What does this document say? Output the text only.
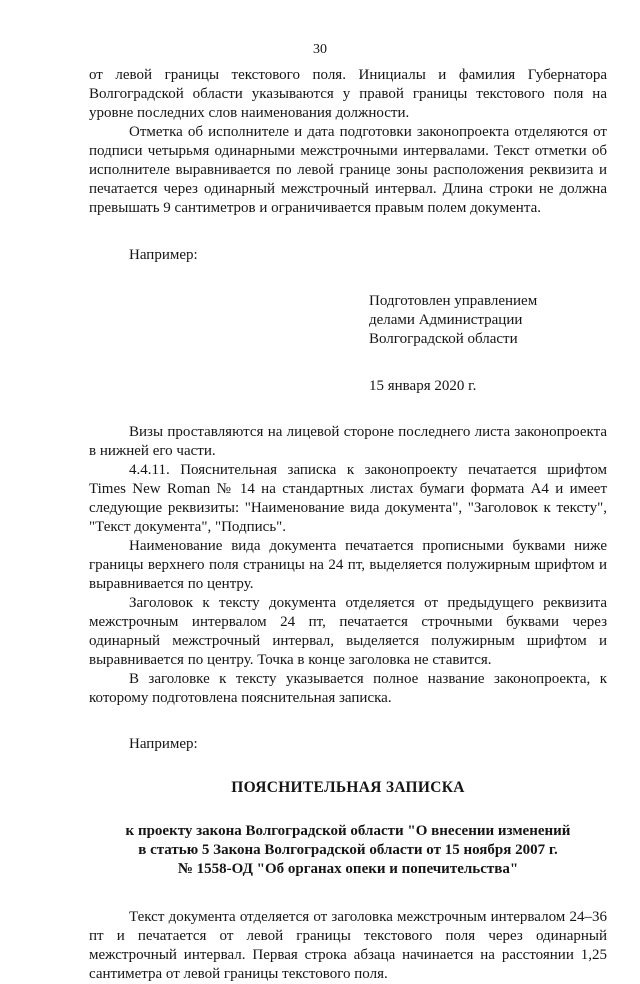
30

от левой границы текстового поля. Инициалы и фамилия Губернатора Волгоградской области указываются у правой границы текстового поля на уровне последних слов наименования должности.

Отметка об исполнителе и дата подготовки законопроекта отделяются от подписи четырьмя одинарными межстрочными интервалами. Текст отметки об исполнителе выравнивается по левой границе зоны расположения реквизита и печатается через одинарный межстрочный интервал. Длина строки не должна превышать 9 сантиметров и ограничивается правым полем документа.

Например:

Подготовлен управлением
делами Администрации
Волгоградской области
15 января 2020 г.

Визы проставляются на лицевой стороне последнего листа законопроекта в нижней его части.

4.4.11. Пояснительная записка к законопроекту печатается шрифтом Times New Roman № 14 на стандартных листах бумаги формата А4 и имеет следующие реквизиты: "Наименование вида документа", "Заголовок к тексту", "Текст документа", "Подпись".

Наименование вида документа печатается прописными буквами ниже границы верхнего поля страницы на 24 пт, выделяется полужирным шрифтом и выравнивается по центру.

Заголовок к тексту документа отделяется от предыдущего реквизита межстрочным интервалом 24 пт, печатается строчными буквами через одинарный межстрочный интервал, выделяется полужирным шрифтом и выравнивается по центру. Точка в конце заголовка не ставится.

В заголовке к тексту указывается полное название законопроекта, к которому подготовлена пояснительная записка.

Например:

ПОЯСНИТЕЛЬНАЯ ЗАПИСКА
к проекту закона Волгоградской области "О внесении изменений
в статью 5 Закона Волгоградской области от 15 ноября 2007 г.
№ 1558-ОД "Об органах опеки и попечительства"

Текст документа отделяется от заголовка межстрочным интервалом 24–36 пт и печатается от левой границы текстового поля через одинарный межстрочный интервал. Первая строка абзаца начинается на расстоянии 1,25 сантиметра от левой границы текстового поля.
